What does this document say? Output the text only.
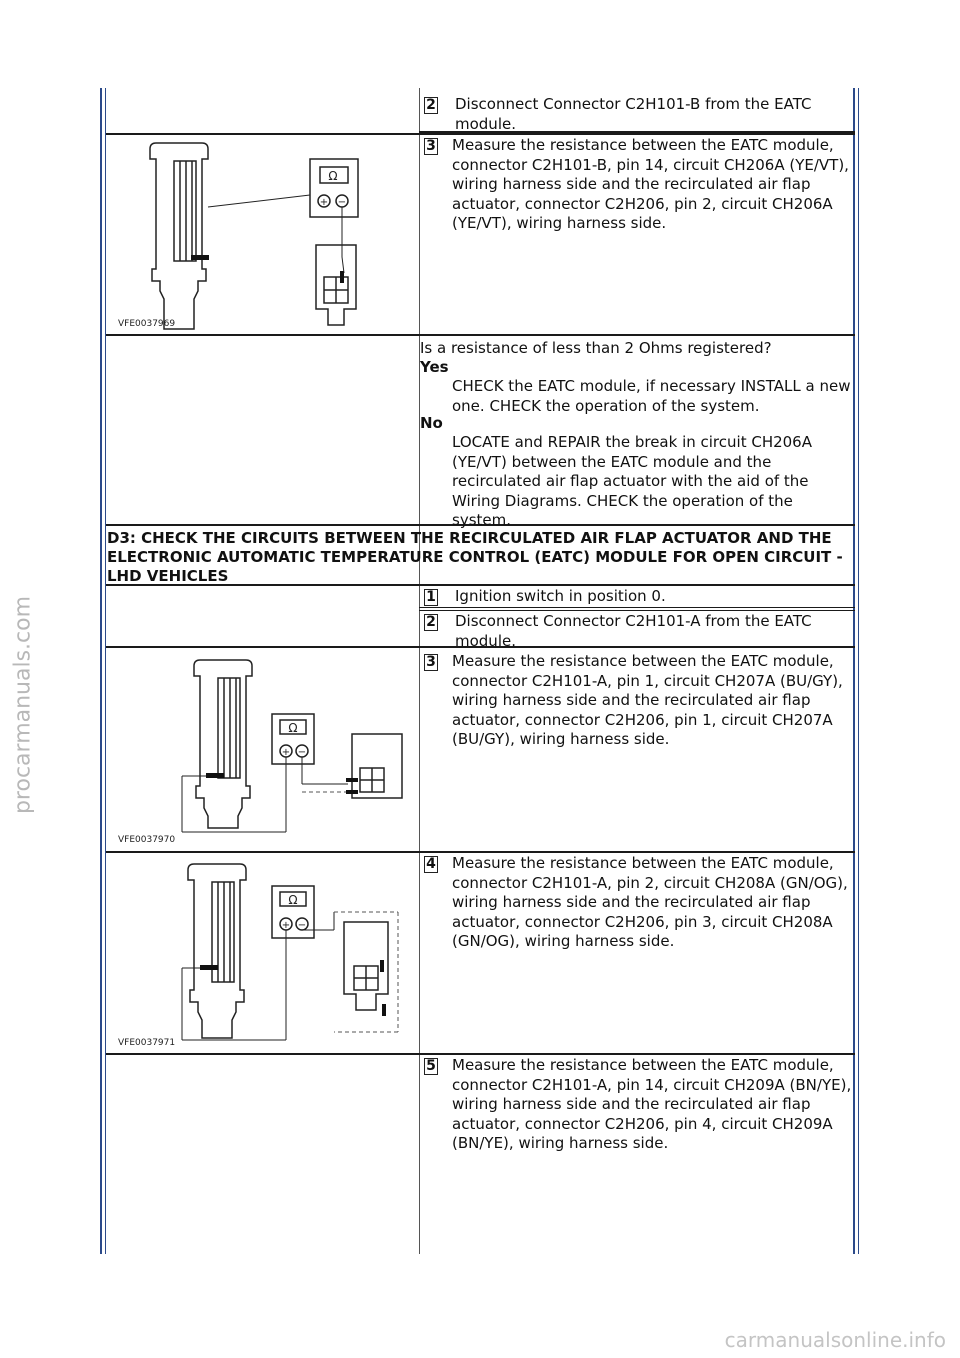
procarmanuals.com
carmanualsonline.info
2 Disconnect Connector C2H101-B from the EATC module.
3 Measure the resistance between the EATC module, connector C2H101-B, pin 14, circuit CH206A (YE/VT), wiring harness side and the recirculated air flap actuator, connector C2H206, pin 2, circuit CH206A (YE/VT), wiring harness side.
Ω
+ −
VFE0037969
Is a resistance of less than 2 Ohms registered?
Yes
CHECK the EATC module, if necessary INSTALL a new one. CHECK the operation of the system.
No
LOCATE and REPAIR the break in circuit CH206A (YE/VT) between the EATC module and the recirculated air flap actuator with the aid of the Wiring Diagrams. CHECK the operation of the system.
D3: CHECK THE CIRCUITS BETWEEN THE RECIRCULATED AIR FLAP ACTUATOR AND THE ELECTRONIC AUTOMATIC TEMPERATURE CONTROL (EATC) MODULE FOR OPEN CIRCUIT - LHD VEHICLES
1 Ignition switch in position 0.
2 Disconnect Connector C2H101-A from the EATC module.
3 Measure the resistance between the EATC module, connector C2H101-A, pin 1, circuit CH207A (BU/GY), wiring harness side and the recirculated air flap actuator, connector C2H206, pin 1, circuit CH207A (BU/GY), wiring harness side.
Ω
+ −
VFE0037970
4 Measure the resistance between the EATC module, connector C2H101-A, pin 2, circuit CH208A (GN/OG), wiring harness side and the recirculated air flap actuator, connector C2H206, pin 3, circuit CH208A (GN/OG), wiring harness side.
Ω
+ −
VFE0037971
5 Measure the resistance between the EATC module, connector C2H101-A, pin 14, circuit CH209A (BN/YE), wiring harness side and the recirculated air flap actuator, connector C2H206, pin 4, circuit CH209A (BN/YE), wiring harness side.
